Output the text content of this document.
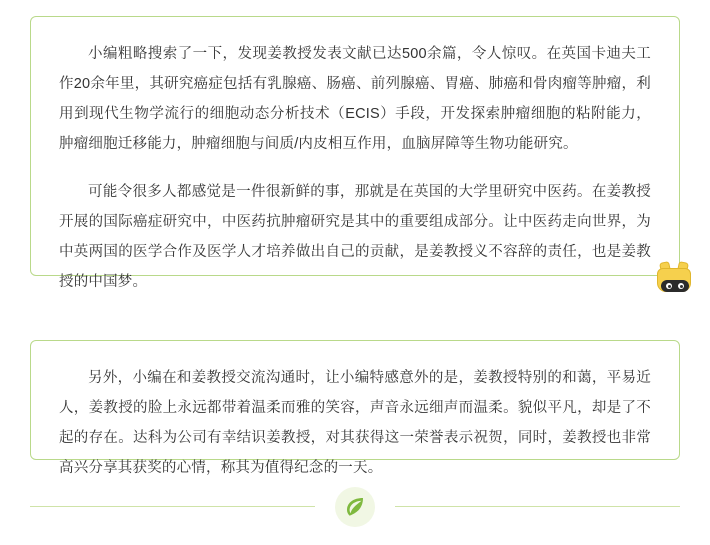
小编粗略搜索了一下，发现姜教授发表文献已达500余篇，令人惊叹。在英国卡迪夫工作20余年里，其研究癌症包括有乳腺癌、肠癌、前列腺癌、胃癌、肺癌和骨肉瘤等肿瘤，利用到现代生物学流行的细胞动态分析技术（ECIS）手段，开发探索肿瘤细胞的粘附能力，肿瘤细胞迁移能力，肿瘤细胞与间质/内皮相互作用，血脑屏障等生物功能研究。

可能令很多人都感觉是一件很新鲜的事，那就是在英国的大学里研究中医药。在姜教授开展的国际癌症研究中，中医药抗肿瘤研究是其中的重要组成部分。让中医药走向世界，为中英两国的医学合作及医学人才培养做出自己的贡献，是姜教授义不容辞的责任，也是姜教授的中国梦。

另外，小编在和姜教授交流沟通时，让小编特感意外的是，姜教授特别的和蔼，平易近人，姜教授的脸上永远都带着温柔而雅的笑容，声音永远细声而温柔。貌似平凡，却是了不起的存在。达科为公司有幸结识姜教授，对其获得这一荣誉表示祝贺，同时，姜教授也非常高兴分享其获奖的心情，称其为值得纪念的一天。
